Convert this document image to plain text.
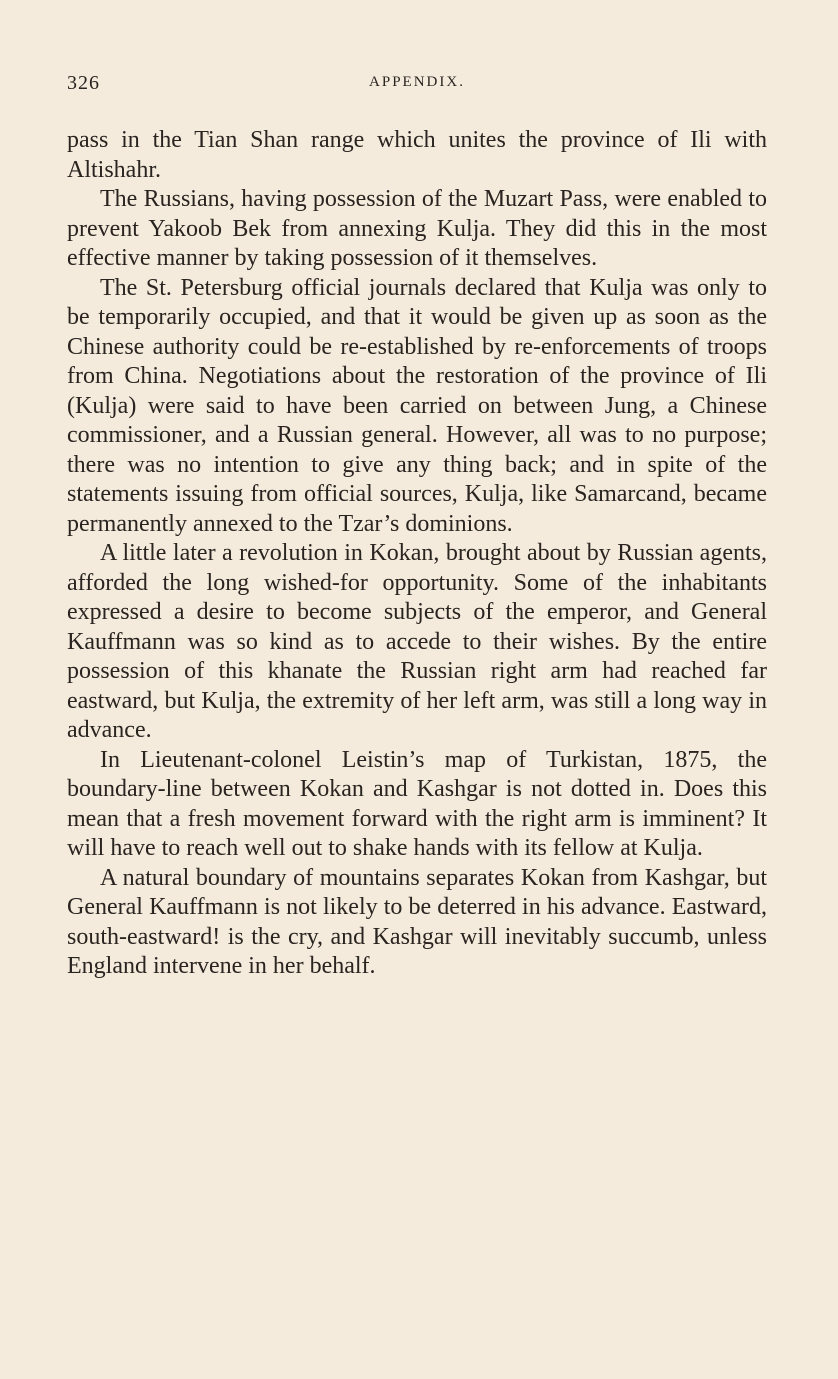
326	APPENDIX.

pass in the Tian Shan range which unites the province of Ili with Altishahr.

The Russians, having possession of the Muzart Pass, were enabled to prevent Yakoob Bek from annexing Kulja. They did this in the most effective manner by taking possession of it themselves.

The St. Petersburg official journals declared that Kulja was only to be temporarily occupied, and that it would be given up as soon as the Chinese authority could be re-established by re-enforcements of troops from China. Negotiations about the restoration of the province of Ili (Kulja) were said to have been carried on between Jung, a Chinese commissioner, and a Russian general. However, all was to no purpose; there was no intention to give any thing back; and in spite of the statements issuing from official sources, Kulja, like Samarcand, became permanently annexed to the Tzar’s dominions.

A little later a revolution in Kokan, brought about by Russian agents, afforded the long wished-for opportunity. Some of the inhabitants expressed a desire to become subjects of the emperor, and General Kauffmann was so kind as to accede to their wishes. By the entire possession of this khanate the Russian right arm had reached far eastward, but Kulja, the extremity of her left arm, was still a long way in advance.

In Lieutenant-colonel Leistin’s map of Turkistan, 1875, the boundary-line between Kokan and Kashgar is not dotted in. Does this mean that a fresh movement forward with the right arm is imminent? It will have to reach well out to shake hands with its fellow at Kulja.

A natural boundary of mountains separates Kokan from Kashgar, but General Kauffmann is not likely to be deterred in his advance. Eastward, south-eastward! is the cry, and Kashgar will inevitably succumb, unless England intervene in her behalf.
